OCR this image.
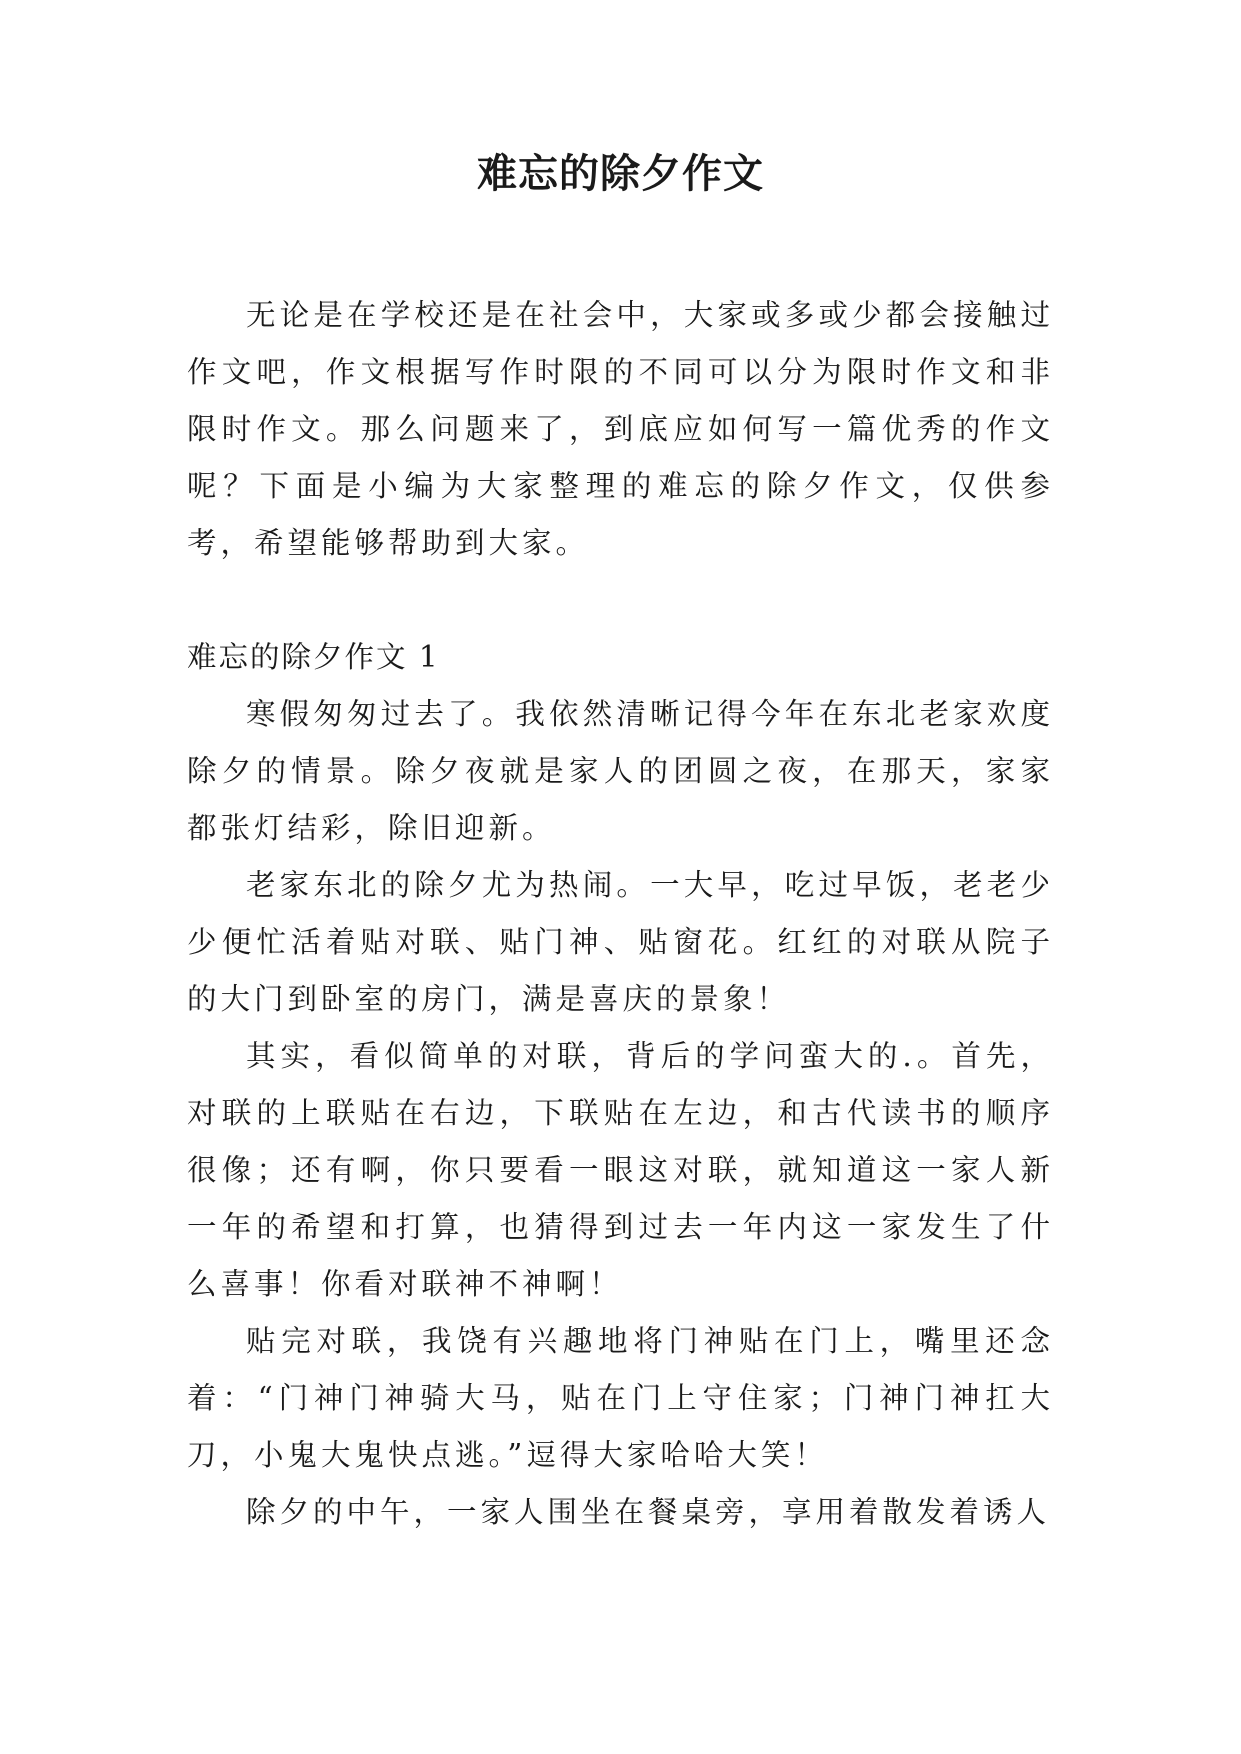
难忘的除夕作文

无论是在学校还是在社会中，大家或多或少都会接触过作文吧，作文根据写作时限的不同可以分为限时作文和非限时作文。那么问题来了，到底应如何写一篇优秀的作文呢？下面是小编为大家整理的难忘的除夕作文，仅供参考，希望能够帮助到大家。

难忘的除夕作文 1

寒假匆匆过去了。我依然清晰记得今年在东北老家欢度除夕的情景。除夕夜就是家人的团圆之夜，在那天，家家都张灯结彩，除旧迎新。

老家东北的除夕尤为热闹。一大早，吃过早饭，老老少少便忙活着贴对联、贴门神、贴窗花。红红的对联从院子的大门到卧室的房门，满是喜庆的景象！

其实，看似简单的对联，背后的学问蛮大的.。首先，对联的上联贴在右边，下联贴在左边，和古代读书的顺序很像；还有啊，你只要看一眼这对联，就知道这一家人新一年的希望和打算，也猜得到过去一年内这一家发生了什么喜事！你看对联神不神啊！

贴完对联，我饶有兴趣地将门神贴在门上，嘴里还念着：“门神门神骑大马，贴在门上守住家；门神门神扛大刀，小鬼大鬼快点逃。”逗得大家哈哈大笑！

除夕的中午，一家人围坐在餐桌旁，享用着散发着诱人
